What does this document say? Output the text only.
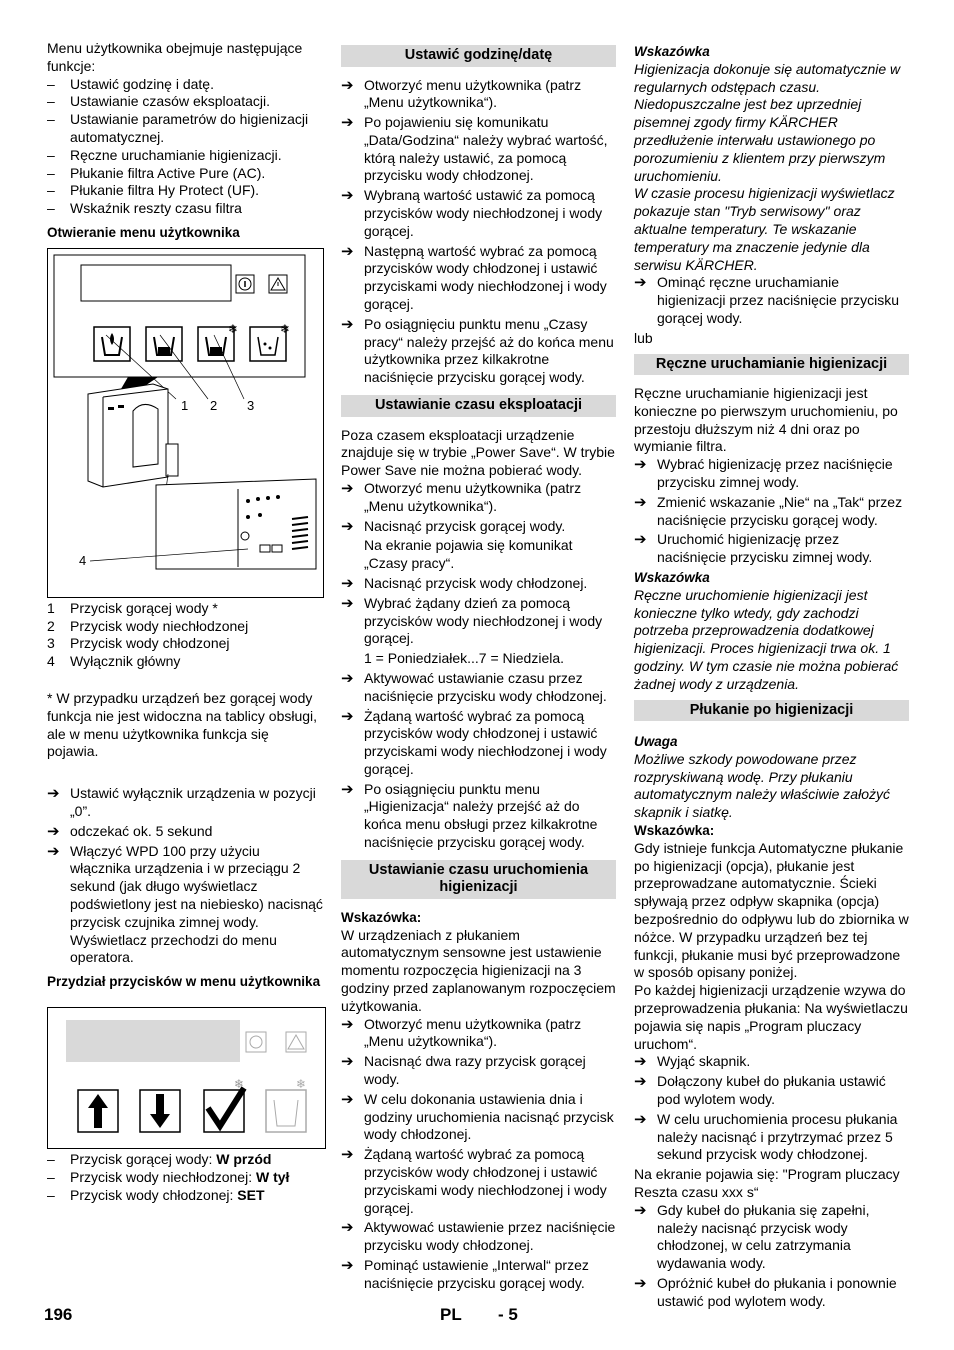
Menu użytkownika obejmuje następujące funkcje:

– Ustawić godzinę i datę.
– Ustawianie czasów eksploatacji.
– Ustawianie parametrów do higienizacji automatycznej.
– Ręczne uruchamianie higienizacji.
– Płukanie filtra Active Pure (AC).
– Płukanie filtra Hy Protect (UF).
– Wskaźnik reszty czasu filtra

Otwieranie menu użytkownika

❄	❄
1 2 3
4
1 Przycisk gorącej wody *
2 Przycisk wody niechłodzonej
3 Przycisk wody chłodzonej
4 Wyłącznik główny

* W przypadku urządzeń bez gorącej wody funkcja nie jest widoczna na tablicy obsługi, ale w menu użytkownika funkcja się pojawia.

➔ Ustawić wyłącznik urządzenia w pozycji „0”.
➔ odczekać ok. 5 sekund
➔ Włączyć WPD 100 przy użyciu włącznika urządzenia i w przeciągu 2 sekund (jak długo wyświetlacz podświetlony jest na niebiesko) nacisnąć przycisk czujnika zimnej wody. Wyświetlacz przechodzi do menu operatora.

Przydział przycisków w menu użytkownika

❄	❄
– Przycisk gorącej wody: W przód
– Przycisk wody niechłodzonej: W tył
– Przycisk wody chłodzonej: SET
Ustawić godzinę/datę
➔ Otworzyć menu użytkownika (patrz „Menu użytkownika“).
➔ Po pojawieniu się komunikatu „Data/Godzina“ należy wybrać wartość, którą należy ustawić, za pomocą przycisku wody chłodzonej.
➔ Wybraną wartość ustawić za pomocą przycisków wody niechłodzonej i wody gorącej.
➔ Następną wartość wybrać za pomocą przycisków wody chłodzonej i ustawić przyciskami wody niechłodzonej i wody gorącej.
➔ Po osiągnięciu punktu menu „Czasy pracy“ należy przejść aż do końca menu użytkownika przez kilkakrotne naciśnięcie przycisku gorącej wody.
Ustawianie czasu eksploatacji

Poza czasem eksploatacji urządzenie znajduje się w trybie „Power Save“. W trybie Power Save nie można pobierać wody.

➔ Otworzyć menu użytkownika (patrz „Menu użytkownika“).
➔ Nacisnąć przycisk gorącej wody.
Na ekranie pojawia się komunikat „Czasy pracy“.
➔ Nacisnąć przycisk wody chłodzonej.
➔ Wybrać żądany dzień za pomocą przycisków wody niechłodzonej i wody gorącej.
1 = Poniedziałek...7 = Niedziela.
➔ Aktywować ustawianie czasu przez naciśnięcie przycisku wody chłodzonej.
➔ Żądaną wartość wybrać za pomocą przycisków wody chłodzonej i ustawić przyciskami wody niechłodzonej i wody gorącej.
➔ Po osiągnięciu punktu menu „Higienizacja“ należy przejść aż do końca menu obsługi przez kilkakrotne naciśnięcie przycisku gorącej wody.
Ustawianie czasu uruchomienia higienizacji

Wskazówka:

W urządzeniach z płukaniem automatycznym sensowne jest ustawienie momentu rozpoczęcia higienizacji na 3 godziny przed zaplanowanym rozpoczęciem użytkowania.

➔ Otworzyć menu użytkownika (patrz „Menu użytkownika“).
➔ Nacisnąć dwa razy przycisk gorącej wody.
➔ W celu dokonania ustawienia dnia i godziny uruchomienia nacisnąć przycisk wody chłodzonej.
➔ Żądaną wartość wybrać za pomocą przycisków wody chłodzonej i ustawić przyciskami wody niechłodzonej i wody gorącej.
➔ Aktywować ustawienie przez naciśnięcie przycisku wody chłodzonej.
➔ Pominąć ustawienie „Interwal“ przez naciśnięcie przycisku gorącej wody.

Wskazówka

Higienizacja dokonuje się automatycznie w regularnych odstępach czasu. Niedopuszczalne jest bez uprzedniej pisemnej zgody firmy KÄRCHER przedłużenie interwału ustawionego po porozumieniu z klientem przy pierwszym uruchomieniu.

W czasie procesu higienizacji wyświetlacz pokazuje stan "Tryb serwisowy" oraz aktualne temperatury. Te wskazanie temperatury ma znaczenie jedynie dla serwisu KÄRCHER.

➔ Ominąć ręczne uruchamianie higienizacji przez naciśnięcie przycisku gorącej wody.

lub

Ręczne uruchamianie higienizacji

Ręczne uruchamianie higienizacji jest konieczne po pierwszym uruchomieniu, po przestoju dłuższym niż 4 dni oraz po wymianie filtra.

➔ Wybrać higienizację przez naciśnięcie przycisku zimnej wody.
➔ Zmienić wskazanie „Nie“ na „Tak“ przez naciśnięcie przycisku gorącej wody.
➔ Uruchomić higienizację przez naciśnięcie przycisku zimnej wody.

Wskazówka

Ręczne uruchomienie higienizacji jest konieczne tylko wtedy, gdy zachodzi potrzeba przeprowadzenia dodatkowej higienizacji. Proces higienizacji trwa ok. 1 godziny. W tym czasie nie można pobierać żadnej wody z urządzenia.

Płukanie po higienizacji

Uwaga

Możliwe szkody powodowane przez rozpryskiwaną wodę. Przy płukaniu automatycznym należy właściwie założyć skapnik i siatkę.

Wskazówka:

Gdy istnieje funkcja Automatyczne płukanie po higienizacji (opcja), płukanie jest przeprowadzane automatycznie. Ścieki spływają przez odpływ skapnika (opcja) bezpośrednio do odpływu lub do zbiornika w nóżce. W przypadku urządzeń bez tej funkcji, płukanie musi być przeprowadzone w sposób opisany poniżej.

Po każdej higienizacji urządzenie wzywa do przeprowadzenia płukania: Na wyświetlaczu pojawia się napis „Program pluczacy uruchom“.

➔ Wyjąć skapnik.
➔ Dołączony kubeł do płukania ustawić pod wylotem wody.
➔ W celu uruchomienia procesu płukania należy nacisnąć i przytrzymać przez 5 sekund przycisk wody chłodzonej.

Na ekranie pojawia się: "Program pluczacy Reszta czasu xxx s“

➔ Gdy kubeł do płukania się zapełni, należy nacisnąć przycisk wody chłodzonej, w celu zatrzymania wydawania wody.
➔ Opróżnić kubeł do płukania i ponownie ustawić pod wylotem wody.
196	PL - 5
